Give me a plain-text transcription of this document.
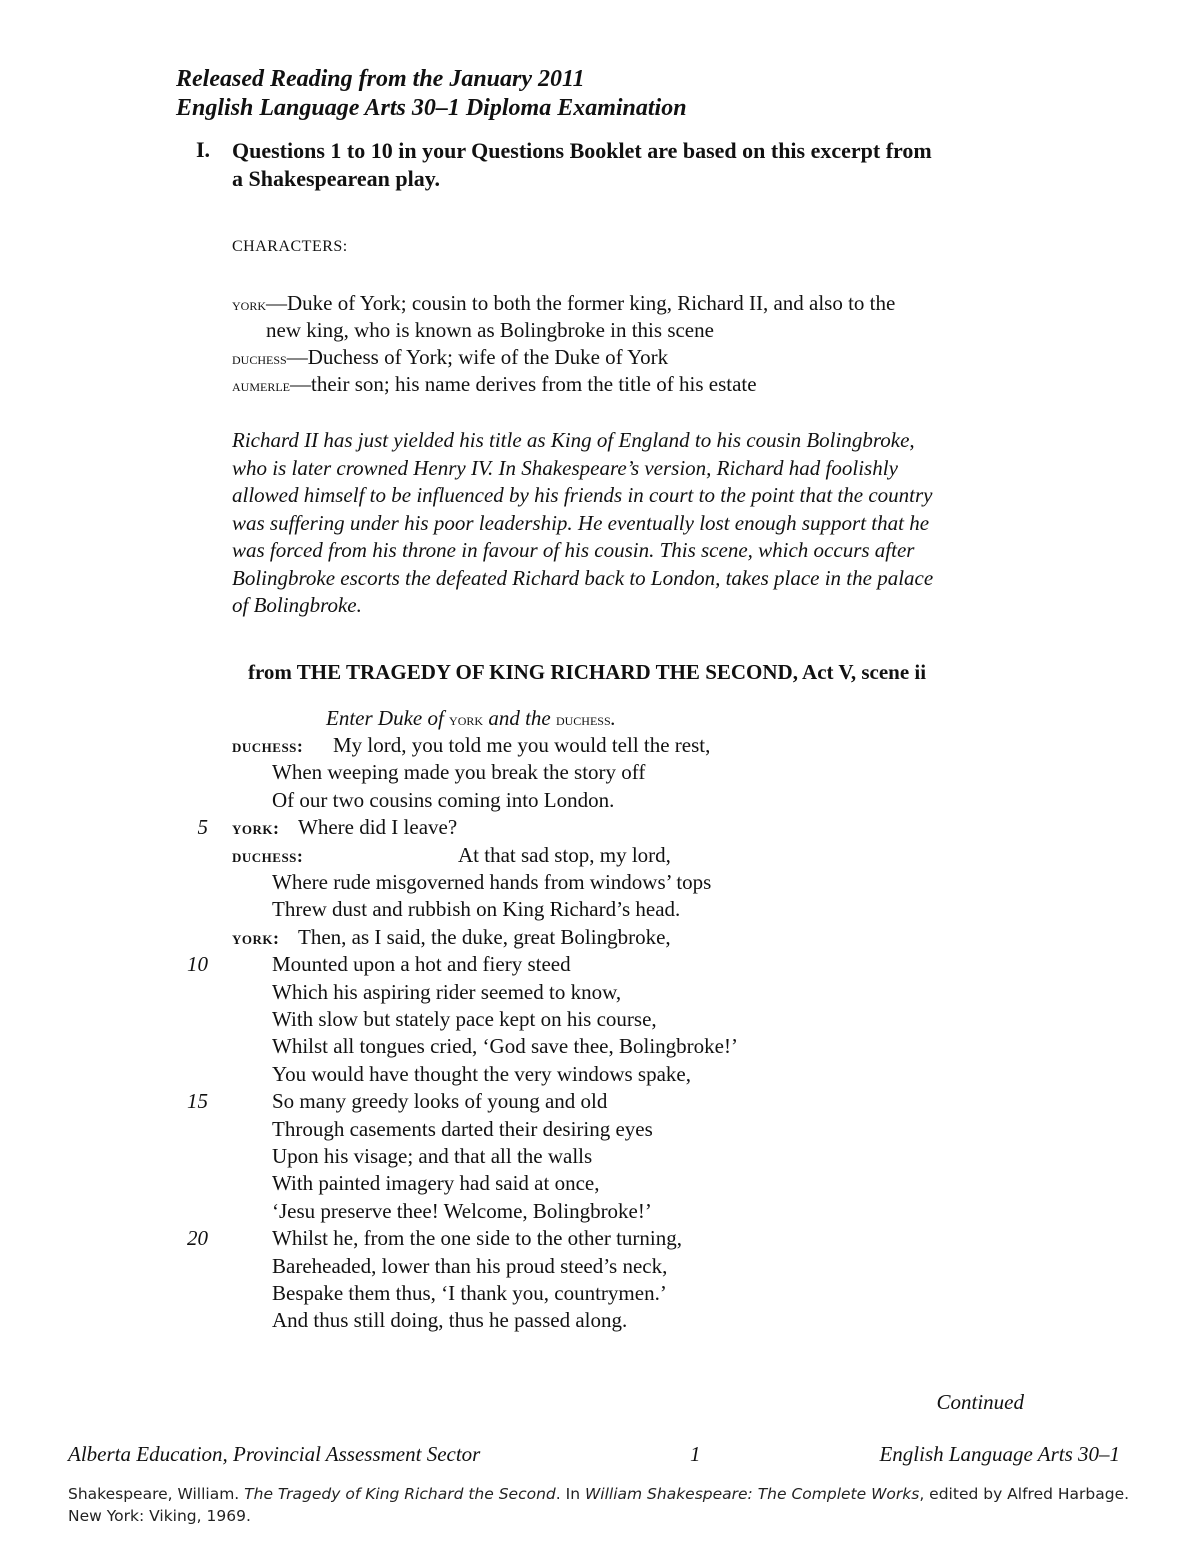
Released Reading from the January 2011
English Language Arts 30–1 Diploma Examination
I. Questions 1 to 10 in your Questions Booklet are based on this excerpt from
a Shakespearean play.
CHARACTERS:
york—Duke of York; cousin to both the former king, Richard II, and also to the
new king, who is known as Bolingbroke in this scene
duchess—Duchess of York; wife of the Duke of York
aumerle—their son; his name derives from the title of his estate
Richard II has just yielded his title as King of England to his cousin Bolingbroke,
who is later crowned Henry IV. In Shakespeare’s version, Richard had foolishly
allowed himself to be influenced by his friends in court to the point that the country
was suffering under his poor leadership. He eventually lost enough support that he
was forced from his throne in favour of his cousin. This scene, which occurs after
Bolingbroke escorts the defeated Richard back to London, takes place in the palace
of Bolingbroke.
from THE TRAGEDY OF KING RICHARD THE SECOND, Act V, scene ii
Enter Duke of york and the duchess.
duchess: My lord, you told me you would tell the rest,
When weeping made you break the story off
Of our two cousins coming into London.
5 york: Where did I leave?
duchess:	At that sad stop, my lord,
Where rude misgoverned hands from windows’ tops
Threw dust and rubbish on King Richard’s head.
york: Then, as I said, the duke, great Bolingbroke,
10	Mounted upon a hot and fiery steed
Which his aspiring rider seemed to know,
With slow but stately pace kept on his course,
Whilst all tongues cried, ‘God save thee, Bolingbroke!’
You would have thought the very windows spake,
15	So many greedy looks of young and old
Through casements darted their desiring eyes
Upon his visage; and that all the walls
With painted imagery had said at once,
‘Jesu preserve thee! Welcome, Bolingbroke!’
20	Whilst he, from the one side to the other turning,
Bareheaded, lower than his proud steed’s neck,
Bespake them thus, ‘I thank you, countrymen.’
And thus still doing, thus he passed along.
Continued
Alberta Education, Provincial Assessment Sector	1	English Language Arts 30–1
Shakespeare, William. The Tragedy of King Richard the Second. In William Shakespeare: The Complete Works, edited by Alfred Harbage. New York: Viking, 1969.
